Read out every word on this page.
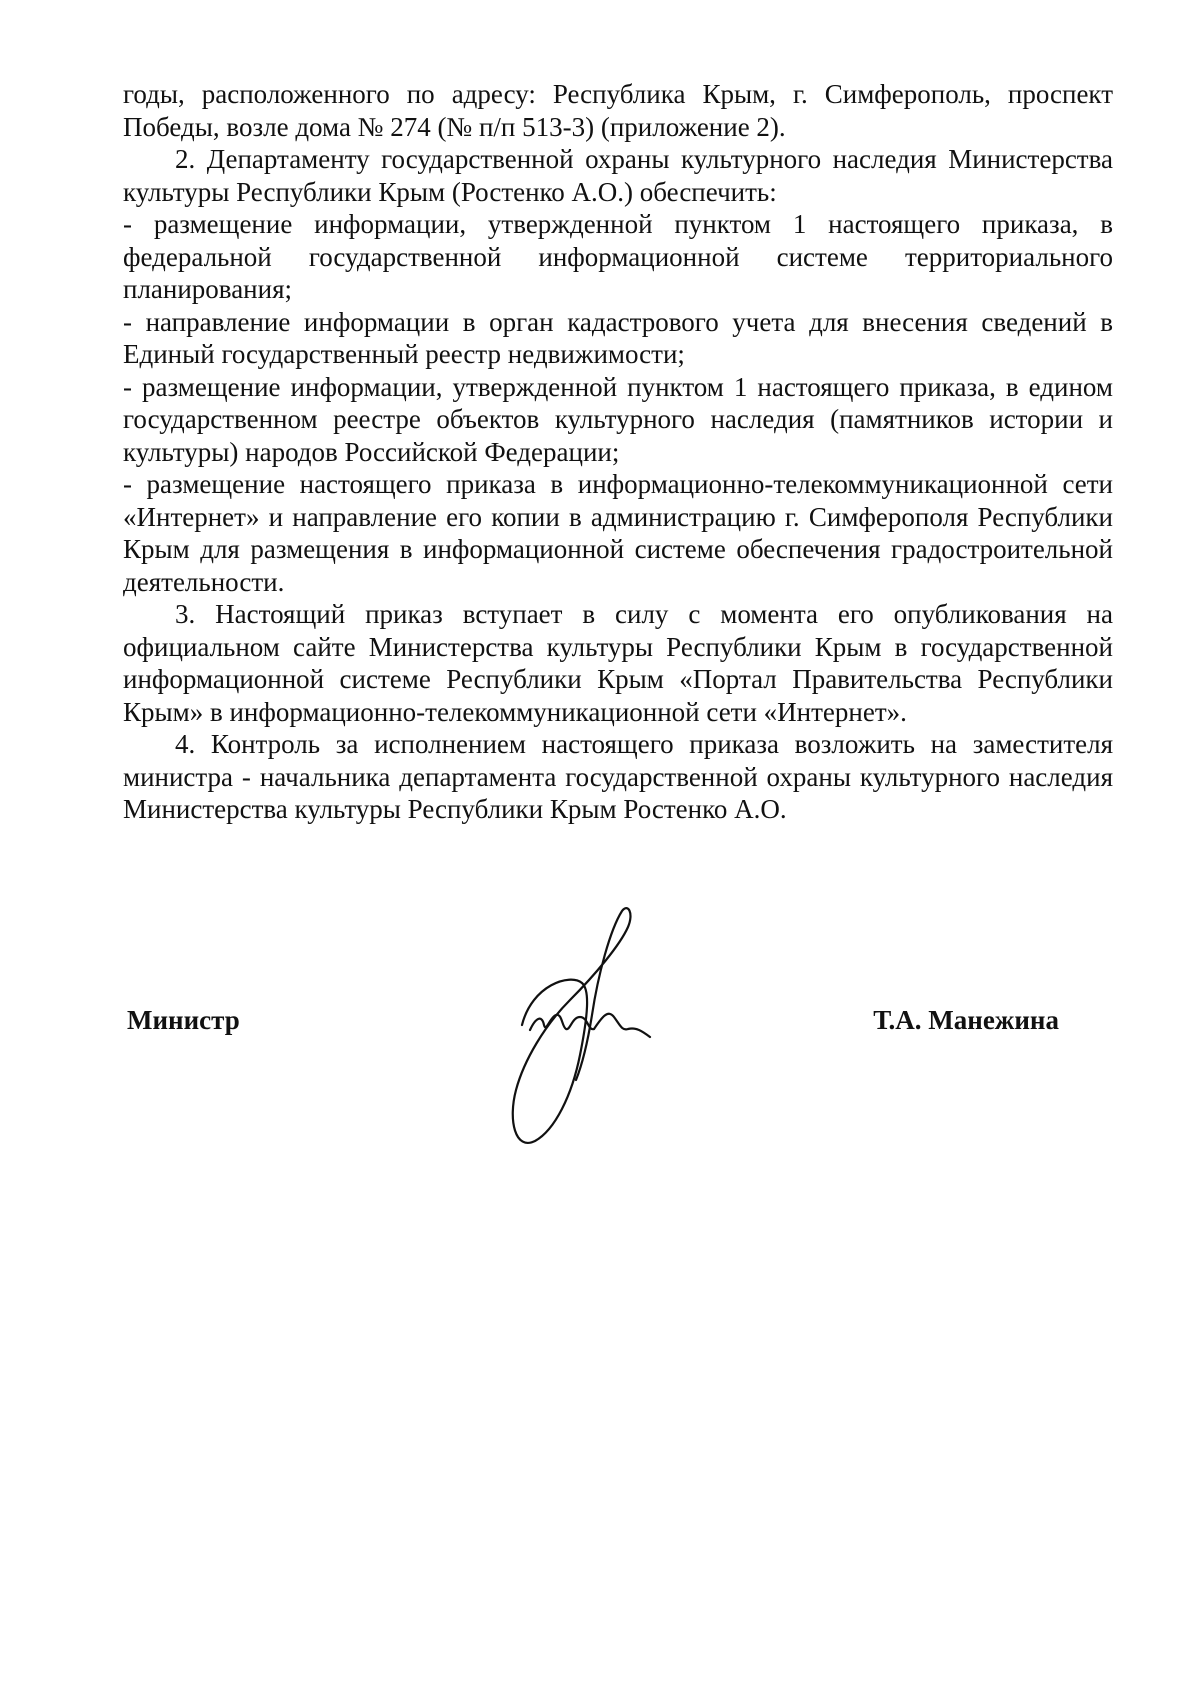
годы, расположенного по адресу: Республика Крым, г. Симферополь, проспект Победы, возле дома № 274 (№ п/п 513-3) (приложение 2).

2. Департаменту государственной охраны культурного наследия Министерства культуры Республики Крым (Ростенко А.О.) обеспечить:

- размещение информации, утвержденной пунктом 1 настоящего приказа, в федеральной государственной информационной системе территориального планирования;

- направление информации в орган кадастрового учета для внесения сведений в Единый государственный реестр недвижимости;

- размещение информации, утвержденной пунктом 1 настоящего приказа, в едином государственном реестре объектов культурного наследия (памятников истории и культуры) народов Российской Федерации;

- размещение настоящего приказа в информационно-телекоммуникационной сети «Интернет» и направление его копии в администрацию г. Симферополя Республики Крым для размещения в информационной системе обеспечения градостроительной деятельности.

3. Настоящий приказ вступает в силу с момента его опубликования на официальном сайте Министерства культуры Республики Крым в государственной информационной системе Республики Крым «Портал Правительства Республики Крым» в информационно-телекоммуникационной сети «Интернет».

4. Контроль за исполнением настоящего приказа возложить на заместителя министра - начальника департамента государственной охраны культурного наследия Министерства культуры Республики Крым Ростенко А.О.

Министр	Т.А. Манежина
